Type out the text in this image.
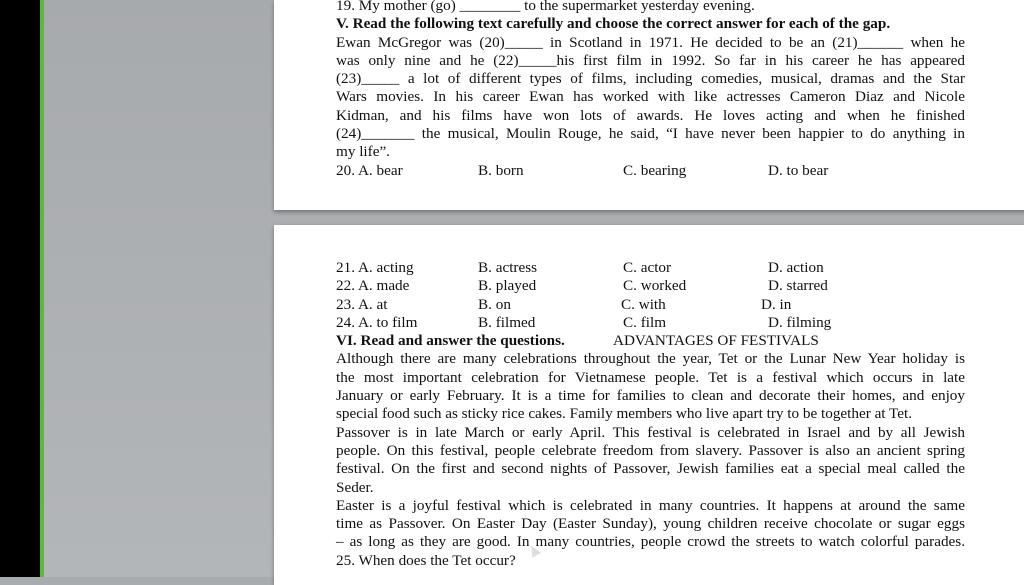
19. My mother (go) ________ to the supermarket yesterday evening.
V. Read the following text carefully and choose the correct answer for each of the gap.
Ewan McGregor was (20)_____ in Scotland in 1971. He decided to be an (21)______ when he
was only nine and he (22)_____his first film in 1992. So far in his career he has appeared
(23)_____ a lot of different types of films, including comedies, musical, dramas and the Star
Wars movies. In his career Ewan has worked with like actresses Cameron Diaz and Nicole
Kidman, and his films have won lots of awards. He loves acting and when he finished
(24)_______ the musical, Moulin Rouge, he said, “I have never been happier to do anything in
my life”.
20. A. bear	B. born	C. bearing	D. to bear
21. A. acting	B. actress	C. actor	D. action
22. A. made	B. played	C. worked	D. starred
23. A. at	B. on	C. with	D. in
24. A. to film	B. filmed	C. film	D. filming
VI. Read and answer the questions.	ADVANTAGES OF FESTIVALS
Although there are many celebrations throughout the year, Tet or the Lunar New Year holiday is
the most important celebration for Vietnamese people. Tet is a festival which occurs in late
January or early February. It is a time for families to clean and decorate their homes, and enjoy
special food such as sticky rice cakes. Family members who live apart try to be together at Tet.
Passover is in late March or early April. This festival is celebrated in Israel and by all Jewish
people. On this festival, people celebrate freedom from slavery. Passover is also an ancient spring
festival. On the first and second nights of Passover, Jewish families eat a special meal called the
Seder.
Easter is a joyful festival which is celebrated in many countries. It happens at around the same
time as Passover. On Easter Day (Easter Sunday), young children receive chocolate or sugar eggs
– as long as they are good. In many countries, people crowd the streets to watch colorful parades.
25. When does the Tet occur?
